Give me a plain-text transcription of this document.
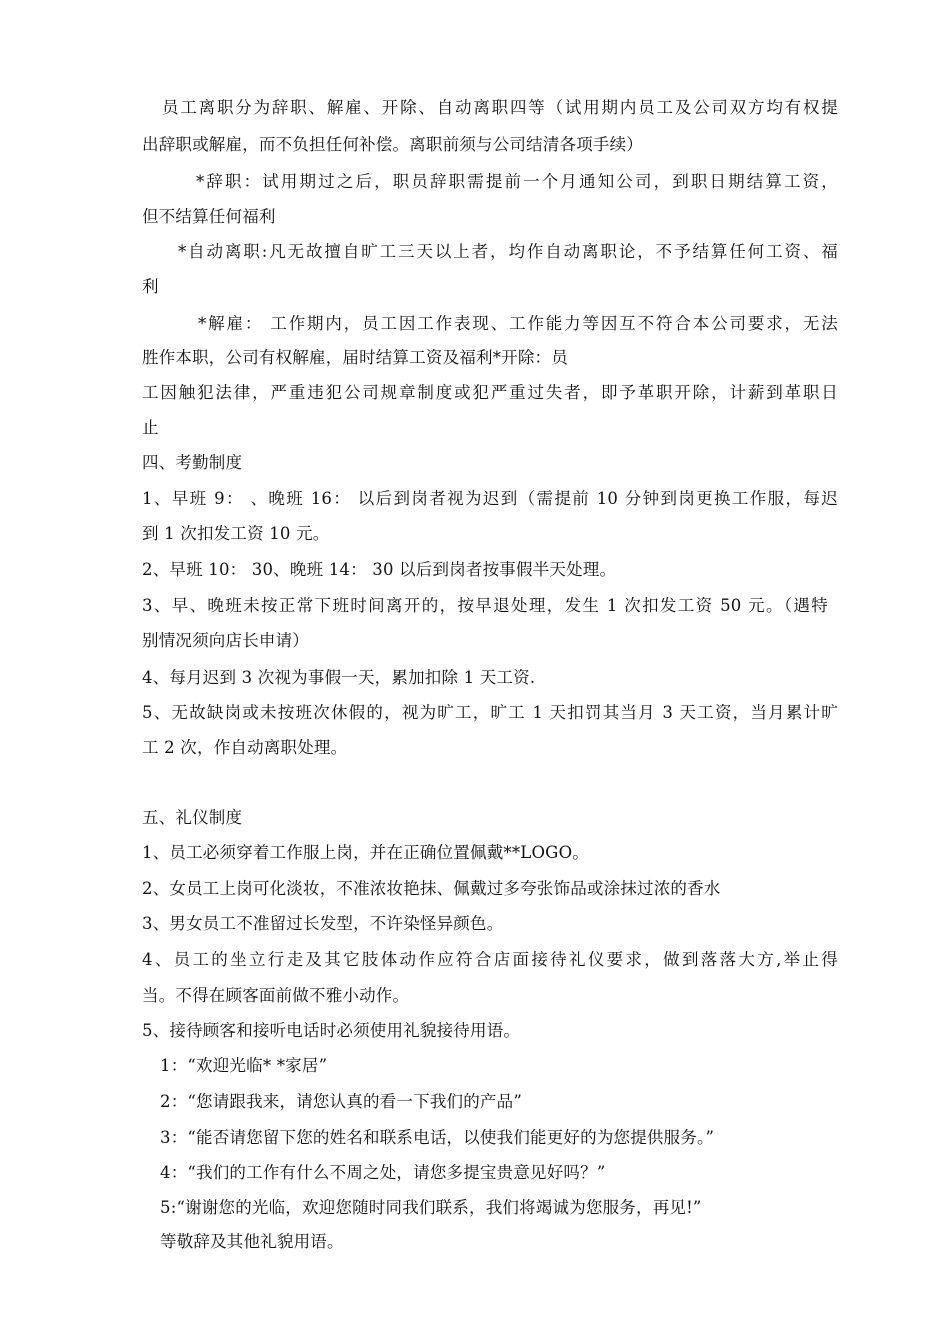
员工离职分为辞职、解雇、开除、自动离职四等（试用期内员工及公司双方均有权提
出辞职或解雇，而不负担任何补偿。离职前须与公司结清各项手续）
*辞职：试用期过之后，职员辞职需提前一个月通知公司，到职日期结算工资，
但不结算任何福利
*自动离职:凡无故擅自旷工三天以上者，均作自动离职论，不予结算任何工资、福
利
*解雇： 工作期内，员工因工作表现、工作能力等因互不符合本公司要求，无法
胜作本职，公司有权解雇，届时结算工资及福利*开除：员
工因触犯法律，严重违犯公司规章制度或犯严重过失者，即予革职开除，计薪到革职日
止
四、考勤制度
1、早班 9： 、晚班 16： 以后到岗者视为迟到（需提前 10 分钟到岗更换工作服，每迟
到 1 次扣发工资 10 元。
2、早班 10： 30、晚班 14： 30 以后到岗者按事假半天处理。
3、早、晚班未按正常下班时间离开的，按早退处理，发生 1 次扣发工资 50 元。（遇特
别情况须向店长申请）
4、每月迟到 3 次视为事假一天，累加扣除 1 天工资.
5、无故缺岗或未按班次休假的，视为旷工，旷工 1 天扣罚其当月 3 天工资，当月累计旷
工 2 次，作自动离职处理。
五、礼仪制度
1、员工必须穿着工作服上岗，并在正确位置佩戴**LOGO。
2、女员工上岗可化淡妆，不准浓妆艳抹、佩戴过多夸张饰品或涂抹过浓的香水
3、男女员工不准留过长发型，不许染怪异颜色。
4、员工的坐立行走及其它肢体动作应符合店面接待礼仪要求，做到落落大方,举止得
当。不得在顾客面前做不雅小动作。
5、接待顾客和接听电话时必须使用礼貌接待用语。
1：“欢迎光临* *家居”
2：“您请跟我来，请您认真的看一下我们的产品”
3：“能否请您留下您的姓名和联系电话，以使我们能更好的为您提供服务。”
4：“我们的工作有什么不周之处，请您多提宝贵意见好吗？”
5:“谢谢您的光临，欢迎您随时同我们联系，我们将竭诚为您服务，再见!”
等敬辞及其他礼貌用语。
